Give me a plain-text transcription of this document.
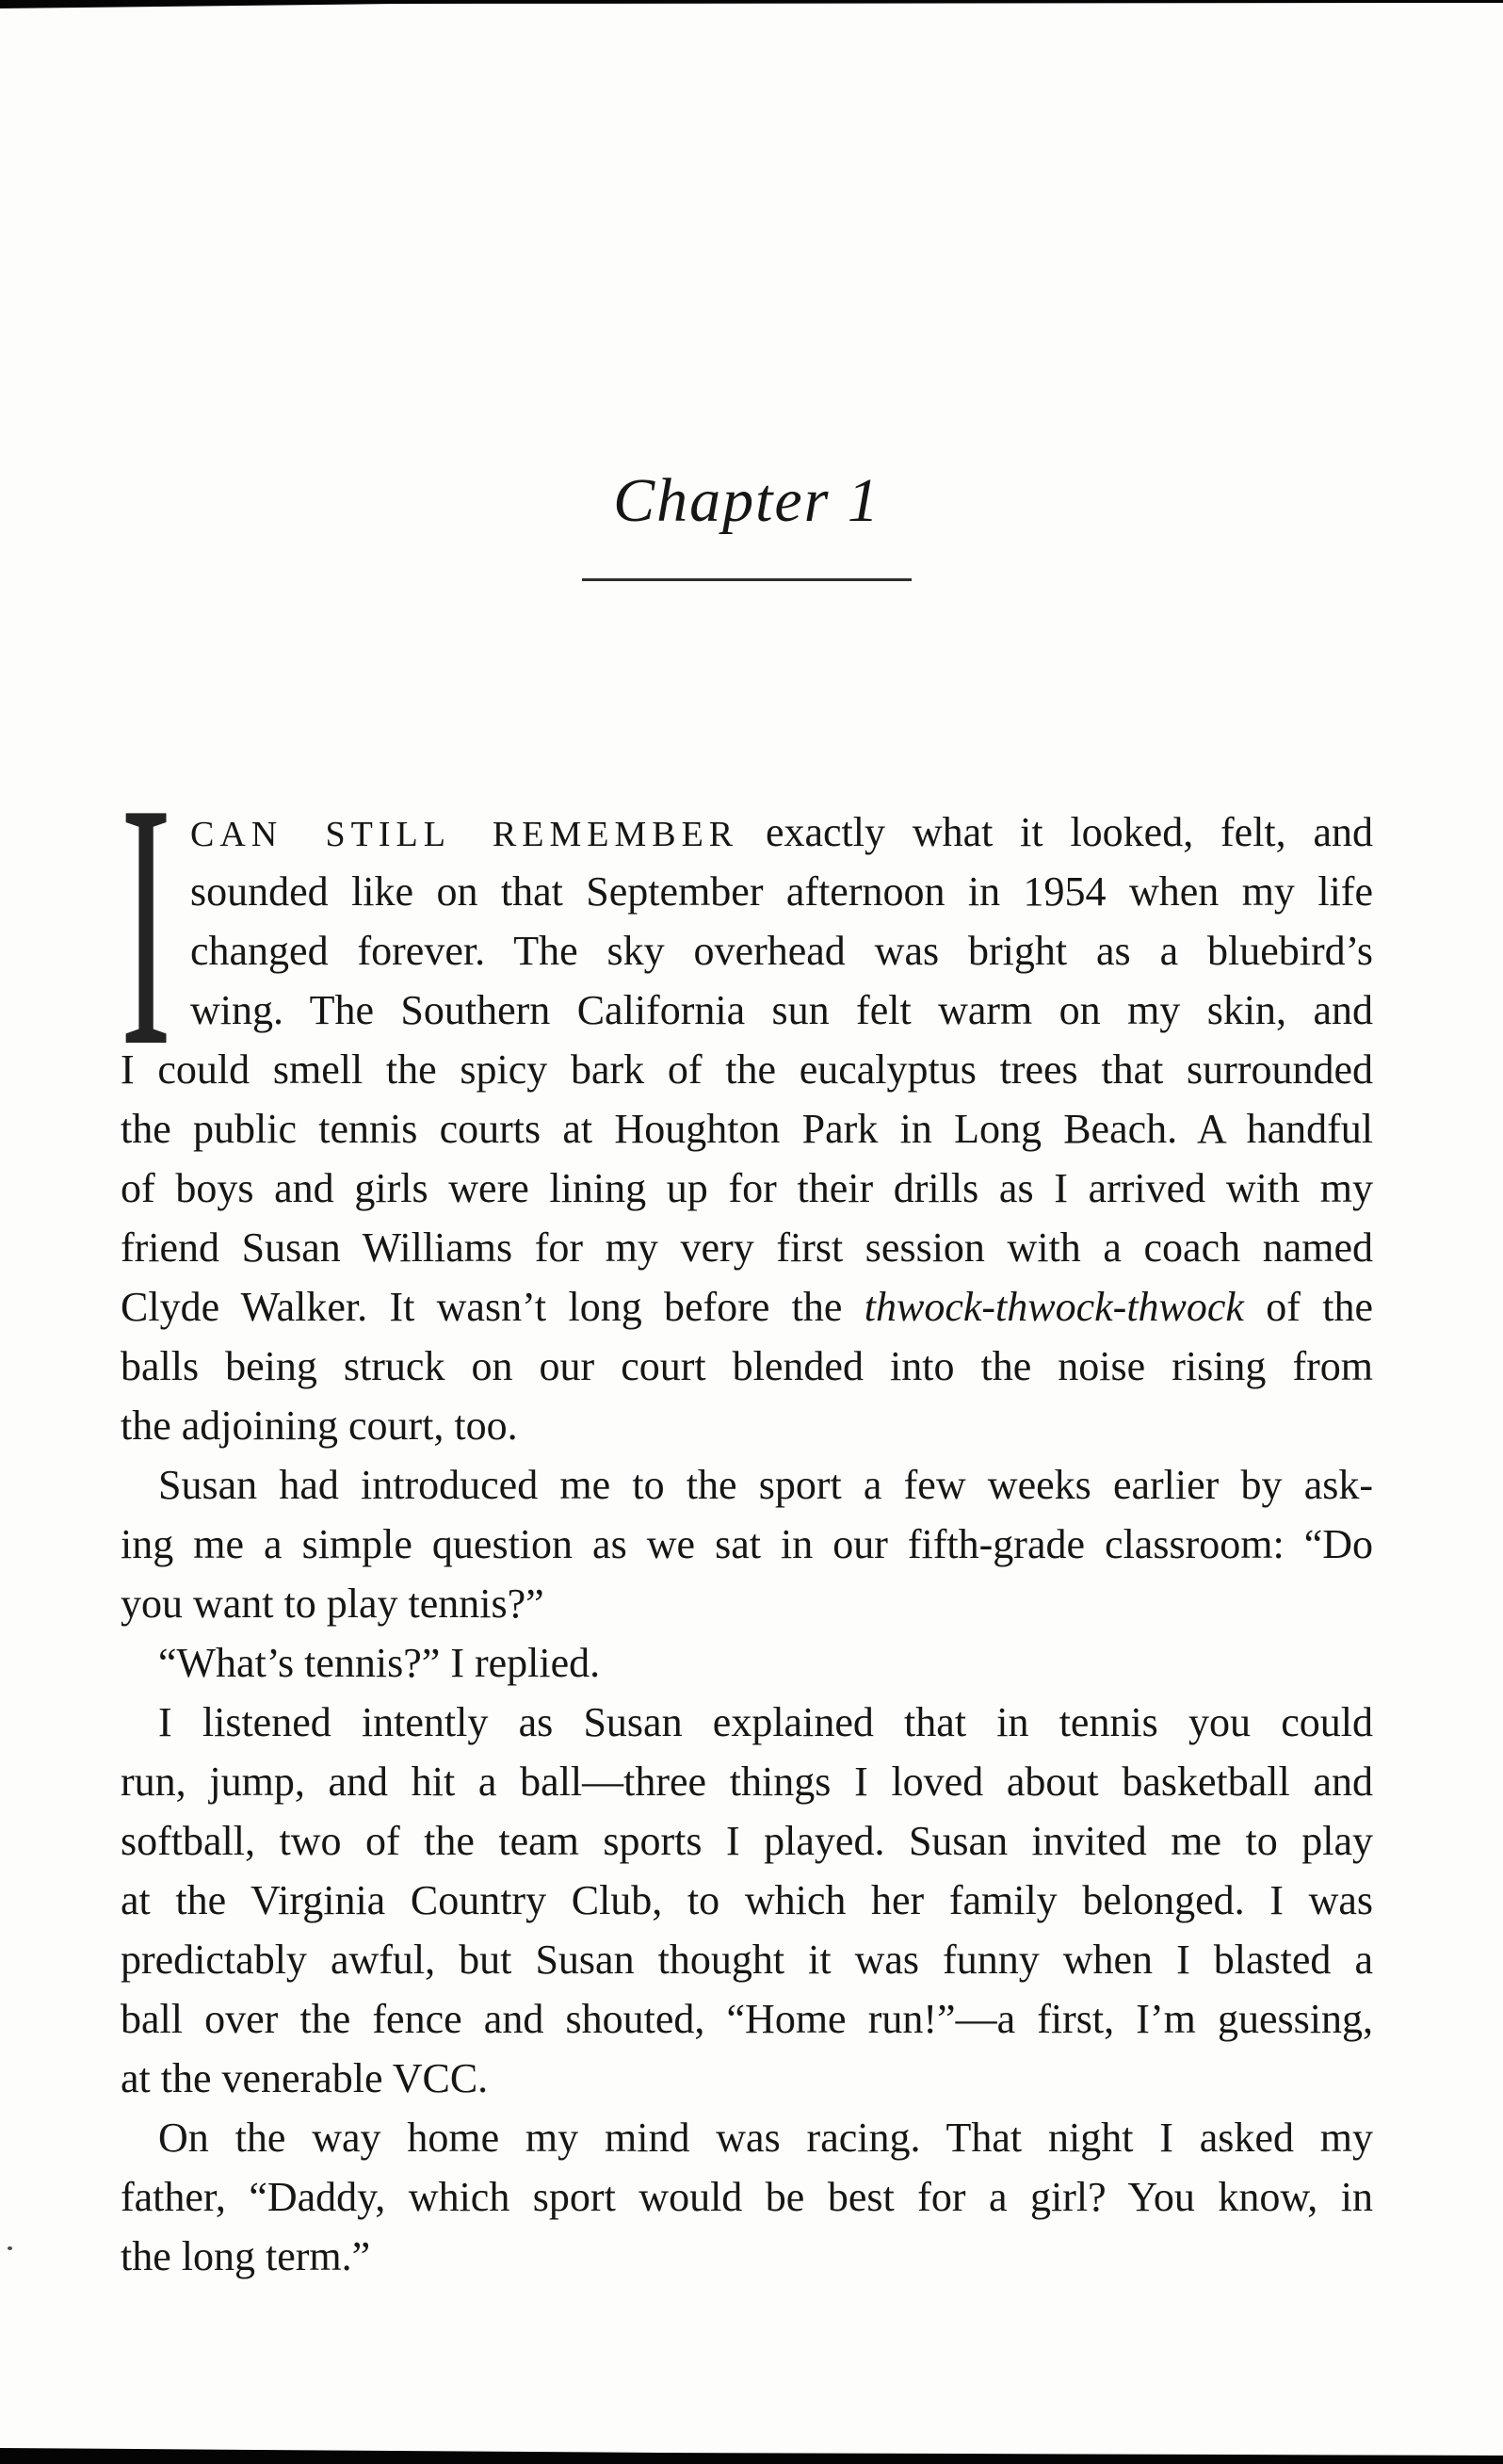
Chapter 1
I CAN STILL REMEMBER exactly what it looked, felt, and
sounded like on that September afternoon in 1954 when my life
changed forever. The sky overhead was bright as a bluebird’s
wing. The Southern California sun felt warm on my skin, and
I could smell the spicy bark of the eucalyptus trees that surrounded
the public tennis courts at Houghton Park in Long Beach. A handful
of boys and girls were lining up for their drills as I arrived with my
friend Susan Williams for my very first session with a coach named
Clyde Walker. It wasn’t long before the thwock-thwock-thwock of the
balls being struck on our court blended into the noise rising from
the adjoining court, too.
Susan had introduced me to the sport a few weeks earlier by ask-
ing me a simple question as we sat in our fifth-grade classroom: “Do
you want to play tennis?”
“What’s tennis?” I replied.
I listened intently as Susan explained that in tennis you could
run, jump, and hit a ball—three things I loved about basketball and
softball, two of the team sports I played. Susan invited me to play
at the Virginia Country Club, to which her family belonged. I was
predictably awful, but Susan thought it was funny when I blasted a
ball over the fence and shouted, “Home run!”—a first, I’m guessing,
at the venerable VCC.
On the way home my mind was racing. That night I asked my
father, “Daddy, which sport would be best for a girl? You know, in
the long term.”
